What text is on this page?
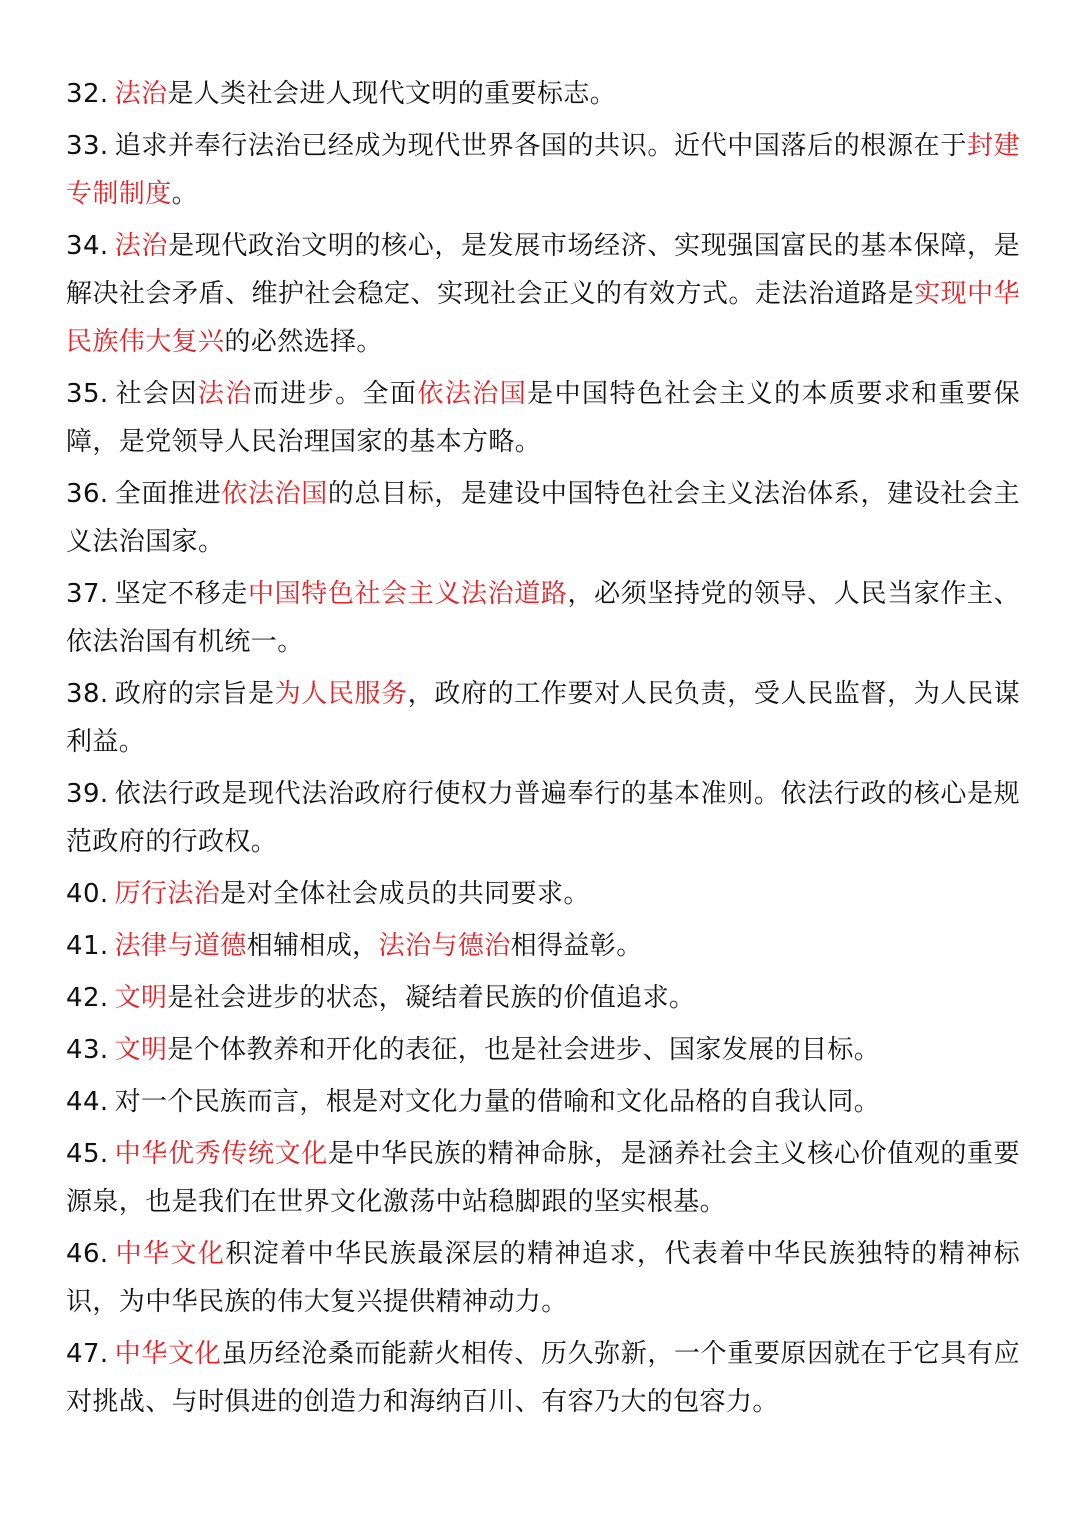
32. 法治是人类社会进人现代文明的重要标志。

33. 追求并奉行法治已经成为现代世界各国的共识。近代中国落后的根源在于封建专制制度。

34. 法治是现代政治文明的核心，是发展市场经济、实现强国富民的基本保障，是解决社会矛盾、维护社会稳定、实现社会正义的有效方式。走法治道路是实现中华民族伟大复兴的必然选择。

35. 社会因法治而进步。全面依法治国是中国特色社会主义的本质要求和重要保障，是党领导人民治理国家的基本方略。

36. 全面推进依法治国的总目标，是建设中国特色社会主义法治体系，建设社会主义法治国家。

37. 坚定不移走中国特色社会主义法治道路，必须坚持党的领导、人民当家作主、依法治国有机统一。

38. 政府的宗旨是为人民服务，政府的工作要对人民负责，受人民监督，为人民谋利益。

39. 依法行政是现代法治政府行使权力普遍奉行的基本准则。依法行政的核心是规范政府的行政权。

40. 厉行法治是对全体社会成员的共同要求。

41. 法律与道德相辅相成，法治与德治相得益彰。

42. 文明是社会进步的状态，凝结着民族的价值追求。

43. 文明是个体教养和开化的表征，也是社会进步、国家发展的目标。

44. 对一个民族而言，根是对文化力量的借喻和文化品格的自我认同。

45. 中华优秀传统文化是中华民族的精神命脉，是涵养社会主义核心价值观的重要源泉，也是我们在世界文化激荡中站稳脚跟的坚实根基。

46. 中华文化积淀着中华民族最深层的精神追求，代表着中华民族独特的精神标识，为中华民族的伟大复兴提供精神动力。

47. 中华文化虽历经沧桑而能薪火相传、历久弥新，一个重要原因就在于它具有应对挑战、与时俱进的创造力和海纳百川、有容乃大的包容力。
